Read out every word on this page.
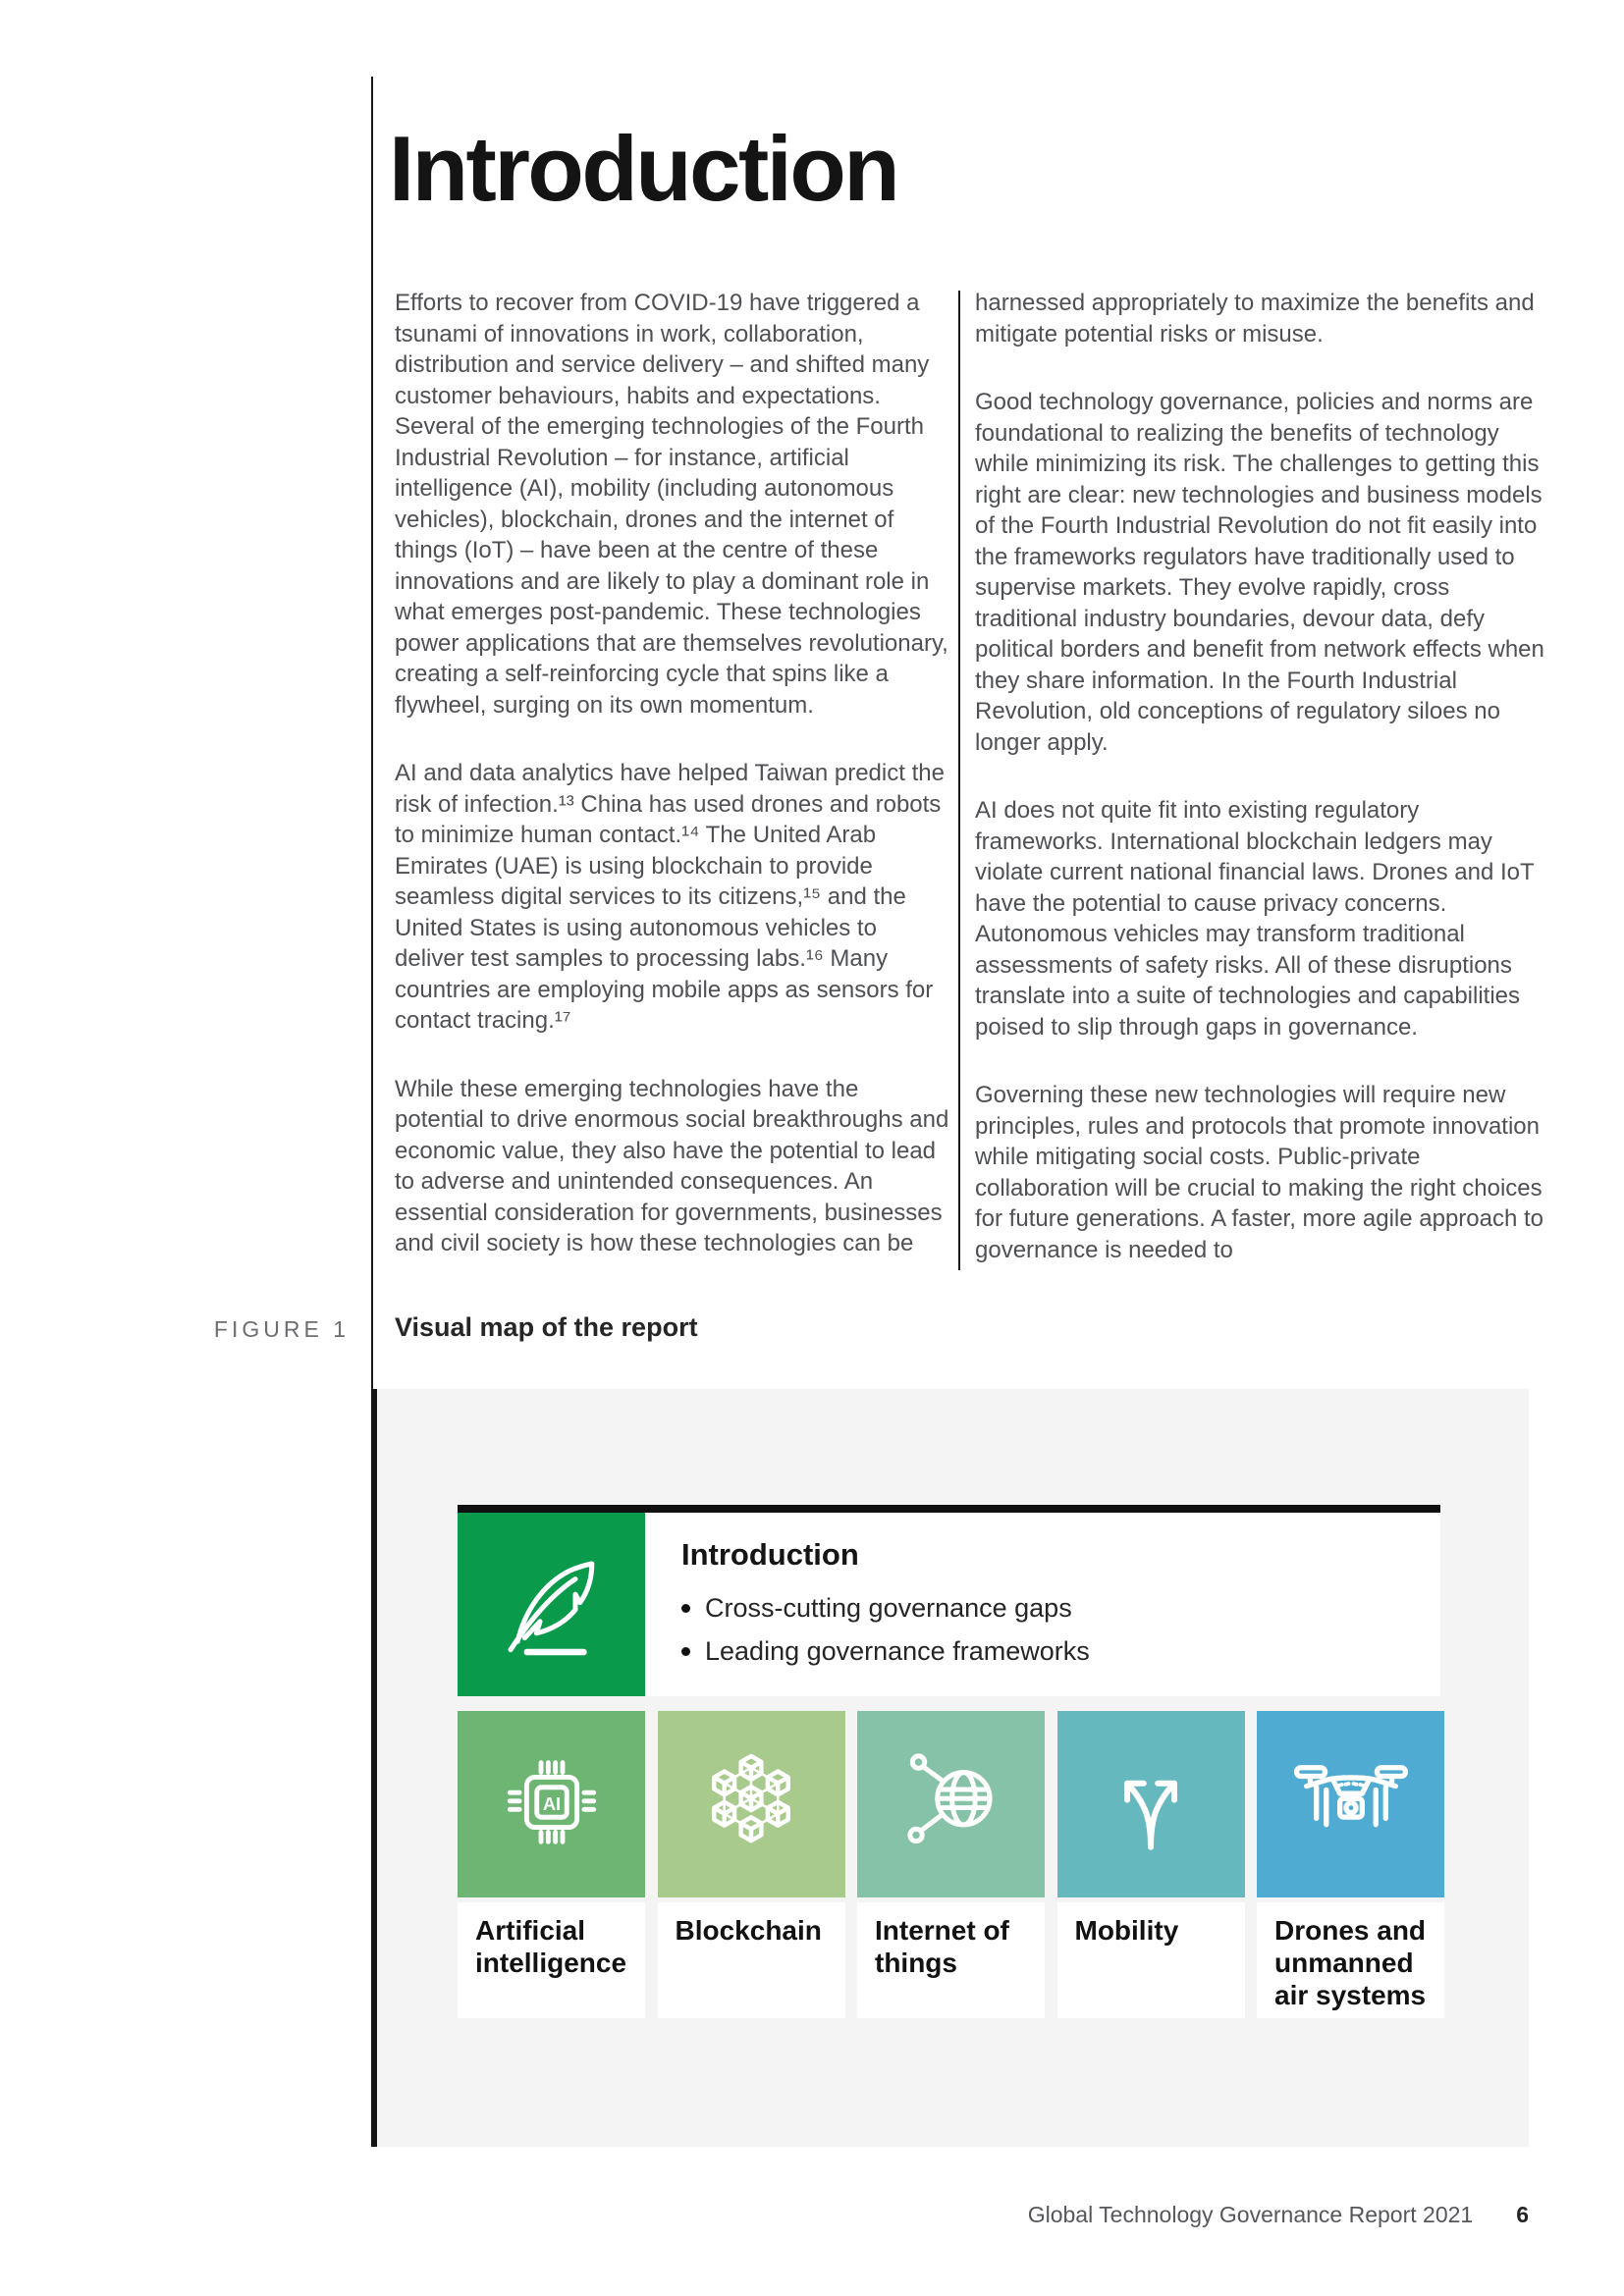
Introduction

Efforts to recover from COVID-19 have triggered a tsunami of innovations in work, collaboration, distribution and service delivery – and shifted many customer behaviours, habits and expectations. Several of the emerging technologies of the Fourth Industrial Revolution – for instance, artificial intelligence (AI), mobility (including autonomous vehicles), blockchain, drones and the internet of things (IoT) – have been at the centre of these innovations and are likely to play a dominant role in what emerges post-pandemic. These technologies power applications that are themselves revolutionary, creating a self-reinforcing cycle that spins like a flywheel, surging on its own momentum.

AI and data analytics have helped Taiwan predict the risk of infection.¹³ China has used drones and robots to minimize human contact.¹⁴ The United Arab Emirates (UAE) is using blockchain to provide seamless digital services to its citizens,¹⁵ and the United States is using autonomous vehicles to deliver test samples to processing labs.¹⁶ Many countries are employing mobile apps as sensors for contact tracing.¹⁷

While these emerging technologies have the potential to drive enormous social breakthroughs and economic value, they also have the potential to lead to adverse and unintended consequences. An essential consideration for governments, businesses and civil society is how these technologies can be

harnessed appropriately to maximize the benefits and mitigate potential risks or misuse.

Good technology governance, policies and norms are foundational to realizing the benefits of technology while minimizing its risk. The challenges to getting this right are clear: new technologies and business models of the Fourth Industrial Revolution do not fit easily into the frameworks regulators have traditionally used to supervise markets. They evolve rapidly, cross traditional industry boundaries, devour data, defy political borders and benefit from network effects when they share information. In the Fourth Industrial Revolution, old conceptions of regulatory siloes no longer apply.

AI does not quite fit into existing regulatory frameworks. International blockchain ledgers may violate current national financial laws. Drones and IoT have the potential to cause privacy concerns. Autonomous vehicles may transform traditional assessments of safety risks. All of these disruptions translate into a suite of technologies and capabilities poised to slip through gaps in governance.

Governing these new technologies will require new principles, rules and protocols that promote innovation while mitigating social costs. Public-private collaboration will be crucial to making the right choices for future generations. A faster, more agile approach to governance is needed to

FIGURE 1 Visual map of the report
Introduction
Cross-cutting governance gaps
Leading governance frameworks
AI
Artificial intelligence
Blockchain	Internet of things
Mobility	Drones and unmanned air systems
Global Technology Governance Report 2021 6
